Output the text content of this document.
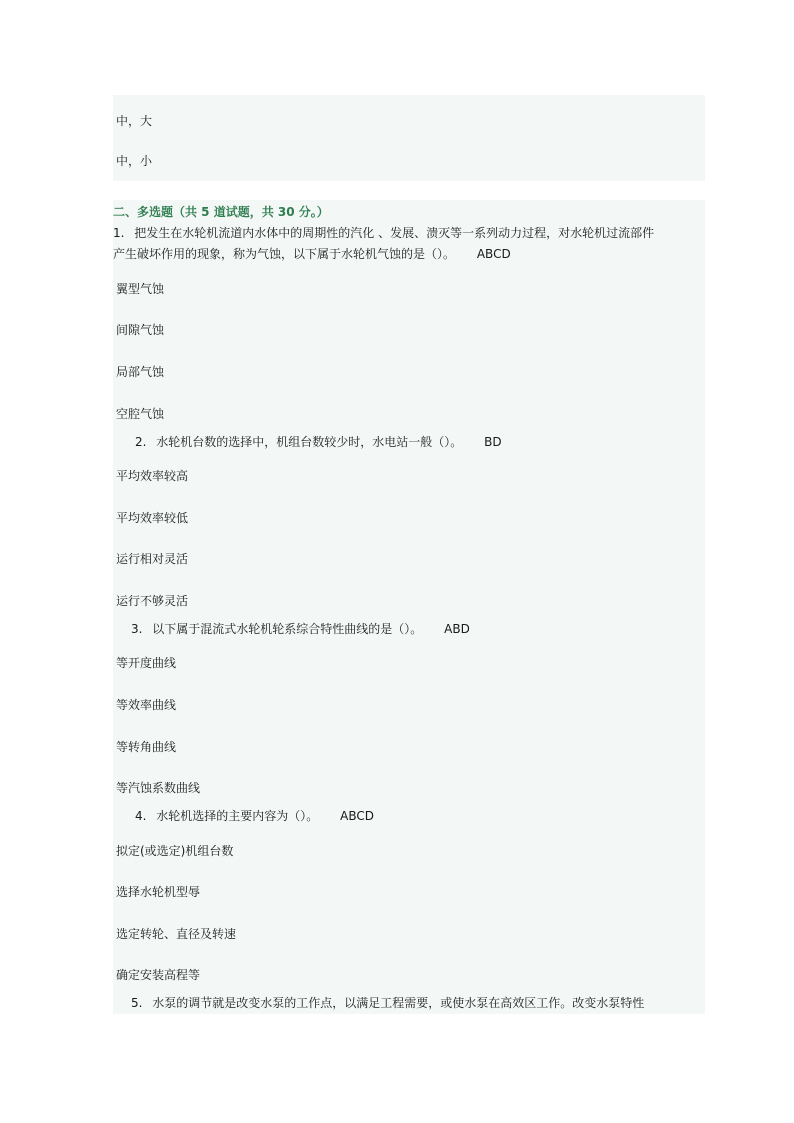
中，大
中，小
二、多选题（共 5 道试题，共 30 分。）
1. 把发生在水轮机流道内水体中的周期性的汽化 、发展、溃灭等一系列动力过程，对水轮机过流部件
产生破坏作用的现象，称为气蚀，以下属于水轮机气蚀的是（）。 ABCD
翼型气蚀
间隙气蚀
局部气蚀
空腔气蚀
2. 水轮机台数的选择中，机组台数较少时，水电站一般（）。 BD
平均效率较高
平均效率较低
运行相对灵活
运行不够灵活
3. 以下属于混流式水轮机轮系综合特性曲线的是（）。 ABD
等开度曲线
等效率曲线
等转角曲线
等汽蚀系数曲线
4. 水轮机选择的主要内容为（）。 ABCD
拟定(或选定)机组台数
选择水轮机型辱
选定转轮、直径及转速
确定安装高程等
5. 水泵的调节就是改变水泵的工作点，以满足工程需要，或使水泵在高效区工作。改变水泵特性
